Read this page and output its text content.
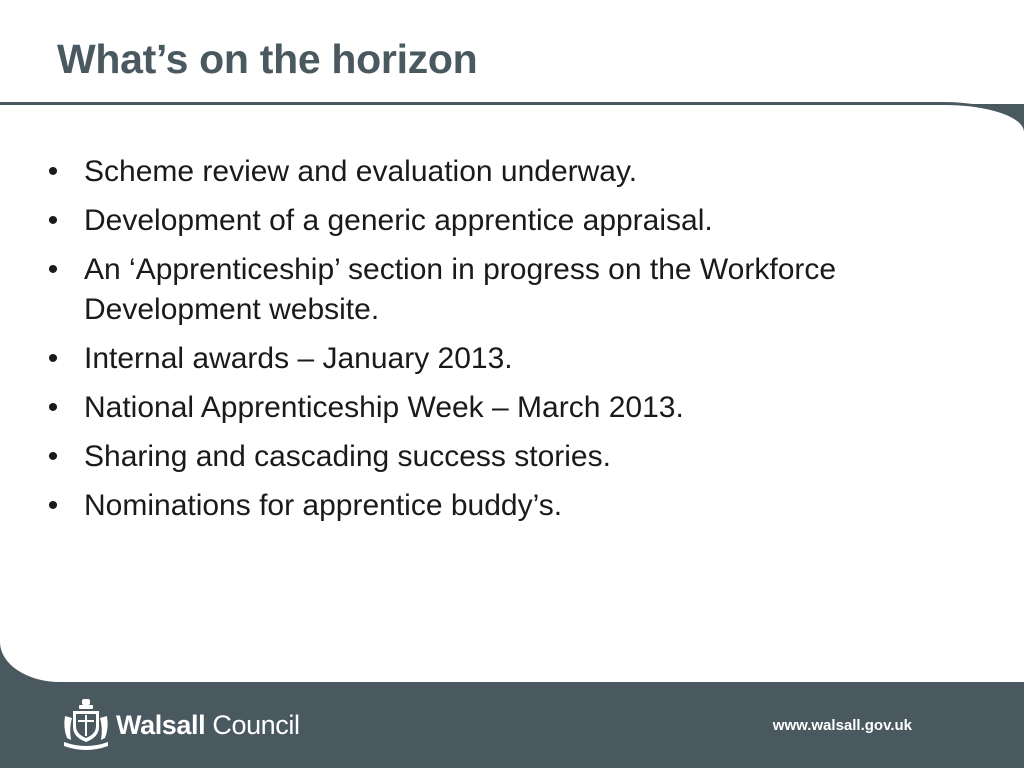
What’s on the horizon
• Scheme review and evaluation underway.
• Development of a generic apprentice appraisal.
• An ‘Apprenticeship’ section in progress on the Workforce Development website.
• Internal awards – January 2013.
• National Apprenticeship Week – March 2013.
• Sharing and cascading success stories.
• Nominations for apprentice buddy’s.
Walsall Council	www.walsall.gov.uk
